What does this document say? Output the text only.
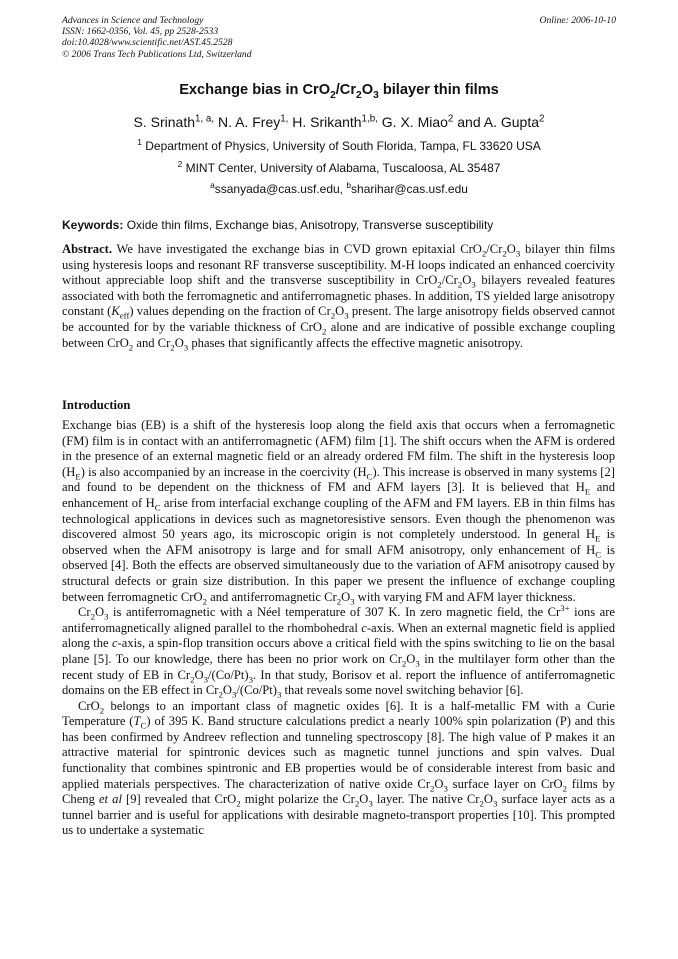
Advances in Science and Technology
ISSN: 1662-0356, Vol. 45, pp 2528-2533
doi:10.4028/www.scientific.net/AST.45.2528
© 2006 Trans Tech Publications Ltd, Switzerland
Online: 2006-10-10
Exchange bias in $CrO_2/Cr_2O_3$ bilayer thin films
S. Srinath$^{1, a,}$ N. A. Frey$^{1,}$ H. Srikanth$^{1,b,}$ G. X. Miao$^2$ and A. Gupta$^2$
$^1$ Department of Physics, University of South Florida, Tampa, FL 33620 USA
$^2$ MINT Center, University of Alabama, Tuscaloosa, AL 35487
$^a$ssanyada@cas.usf.edu, $^b$sharihar@cas.usf.edu
Keywords: Oxide thin films, Exchange bias, Anisotropy, Transverse susceptibility
Abstract. We have investigated the exchange bias in CVD grown epitaxial $CrO_2/Cr_2O_3$ bilayer thin films using hysteresis loops and resonant RF transverse susceptibility. M-H loops indicated an enhanced coercivity without appreciable loop shift and the transverse susceptibility in $CrO_2/Cr_2O_3$ bilayers revealed features associated with both the ferromagnetic and antiferromagnetic phases. In addition, TS yielded large anisotropy constant $(K_{eff})$ values depending on the fraction of $Cr_2O_3$ present. The large anisotropy fields observed cannot be accounted for by the variable thickness of CrO$_2$ alone and are indicative of possible exchange coupling between CrO$_2$ and $Cr_2O_3$ phases that significantly affects the effective magnetic anisotropy.
Introduction
Exchange bias (EB) is a shift of the hysteresis loop along the field axis that occurs when a ferromagnetic (FM) film is in contact with an antiferromagnetic (AFM) film [1]. The shift occurs when the AFM is ordered in the presence of an external magnetic field or an already ordered FM film. The shift in the hysteresis loop $(H_E)$ is also accompanied by an increase in the coercivity $(H_C)$. This increase is observed in many systems [2] and found to be dependent on the thickness of FM and AFM layers [3]. It is believed that $H_E$ and enhancement of $H_C$ arise from interfacial exchange coupling of the AFM and FM layers. EB in thin films has technological applications in devices such as magnetoresistive sensors. Even though the phenomenon was discovered almost 50 years ago, its microscopic origin is not completely understood. In general $H_E$ is observed when the AFM anisotropy is large and for small AFM anisotropy, only enhancement of $H_C$ is observed [4]. Both the effects are observed simultaneously due to the variation of AFM anisotropy caused by structural defects or grain size distribution. In this paper we present the influence of exchange coupling between ferromagnetic CrO$_2$ and antiferromagnetic $Cr_2O_3$ with varying FM and AFM layer thickness.
$Cr_2O_3$ is antiferromagnetic with a Néel temperature of 307 K. In zero magnetic field, the $Cr^{3+}$ ions are antiferromagnetically aligned parallel to the rhombohedral c-axis. When an external magnetic field is applied along the c-axis, a spin-flop transition occurs above a critical field with the spins switching to lie on the basal plane [5]. To our knowledge, there has been no prior work on $Cr_2O_3$ in the multilayer form other than the recent study of EB in $Cr_2O_3/(Co/Pt)_3$. In that study, Borisov et al. report the influence of antiferromagnetic domains on the EB effect in $Cr_2O_3/(Co/Pt)_3$ that reveals some novel switching behavior [6].
CrO$_2$ belongs to an important class of magnetic oxides [6]. It is a half-metallic FM with a Curie Temperature $(T_C)$ of 395 K. Band structure calculations predict a nearly 100% spin polarization (P) and this has been confirmed by Andreev reflection and tunneling spectroscopy [8]. The high value of P makes it an attractive material for spintronic devices such as magnetic tunnel junctions and spin valves. Dual functionality that combines spintronic and EB properties would be of considerable interest from basic and applied materials perspectives. The characterization of native oxide $Cr_2O_3$ surface layer on CrO$_2$ films by Cheng et al [9] revealed that CrO$_2$ might polarize the $Cr_2O_3$ layer. The native $Cr_2O_3$ surface layer acts as a tunnel barrier and is useful for applications with desirable magneto-transport properties [10]. This prompted us to undertake a systematic
